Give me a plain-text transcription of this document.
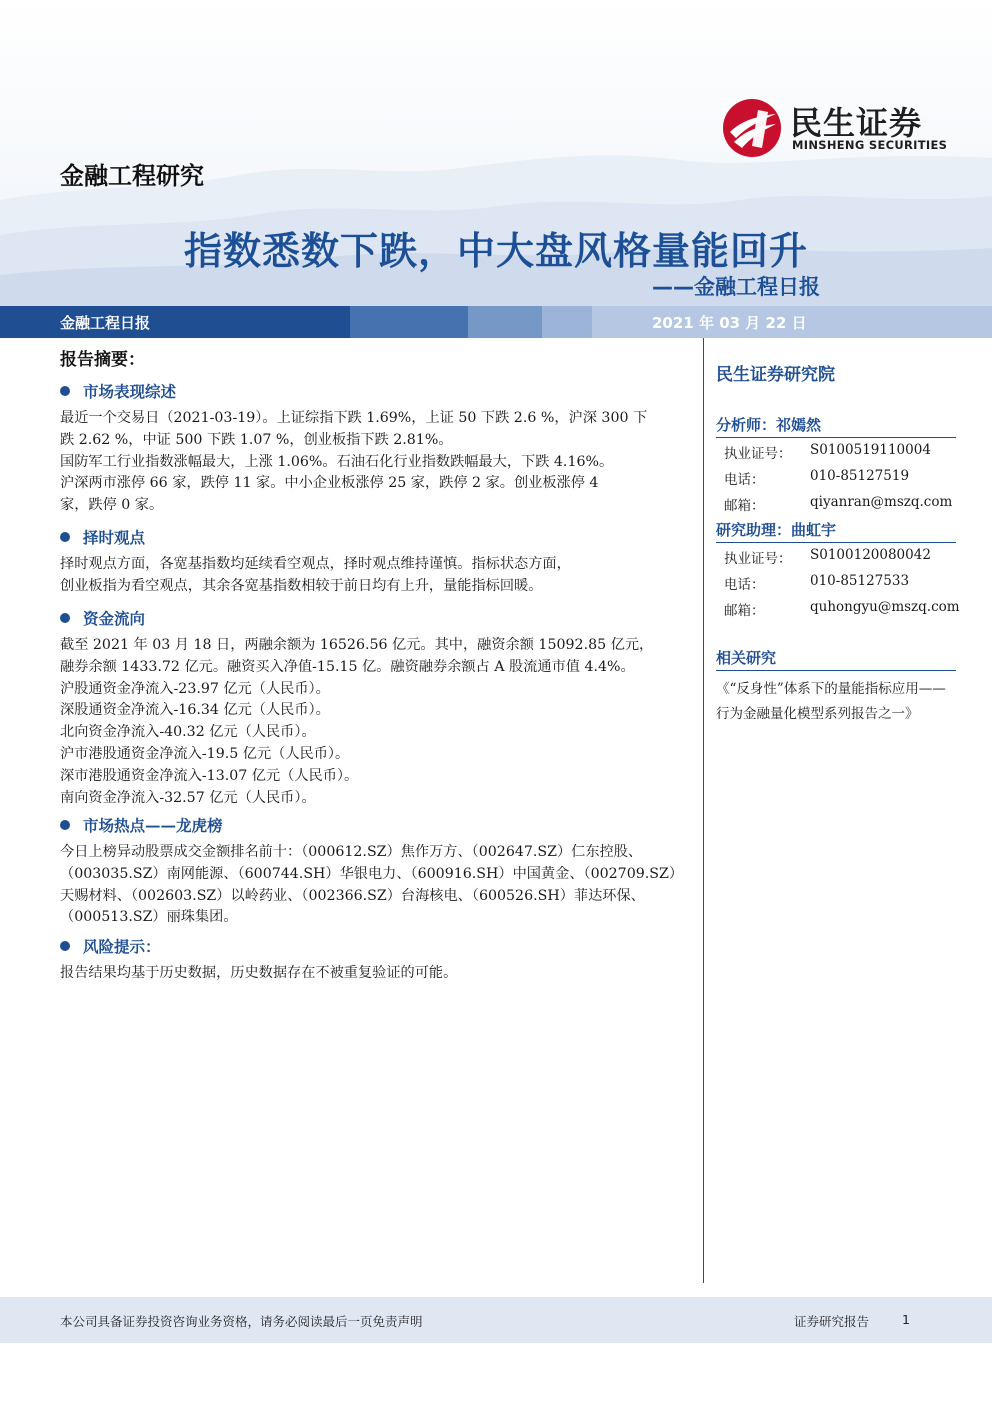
民生证券
MINSHENG SECURITIES
金融工程研究
指数悉数下跌，中大盘风格量能回升
——金融工程日报
金融工程日报	2021 年 03 月 22 日
报告摘要：
市场表现综述

最近一个交易日（2021-03-19）。上证综指下跌 1.69%，上证 50 下跌 2.6 %，沪深 300 下

跌 2.62 %，中证 500 下跌 1.07 %，创业板指下跌 2.81%。

国防军工行业指数涨幅最大，上涨 1.06%。石油石化行业指数跌幅最大，下跌 4.16%。

沪深两市涨停 66 家，跌停 11 家。中小企业板涨停 25 家，跌停 2 家。创业板涨停 4

家，跌停 0 家。

择时观点

择时观点方面，各宽基指数均延续看空观点，择时观点维持谨慎。指标状态方面，

创业板指为看空观点，其余各宽基指数相较于前日均有上升，量能指标回暖。

资金流向

截至 2021 年 03 月 18 日，两融余额为 16526.56 亿元。其中，融资余额 15092.85 亿元，

融券余额 1433.72 亿元。融资买入净值-15.15 亿。融资融券余额占 A 股流通市值 4.4%。

沪股通资金净流入-23.97 亿元（人民币）。

深股通资金净流入-16.34 亿元（人民币）。

北向资金净流入-40.32 亿元（人民币）。

沪市港股通资金净流入-19.5 亿元（人民币）。

深市港股通资金净流入-13.07 亿元（人民币）。

南向资金净流入-32.57 亿元（人民币）。

市场热点——龙虎榜

今日上榜异动股票成交金额排名前十：（000612.SZ）焦作万方、（002647.SZ）仁东控股、

（003035.SZ）南网能源、（600744.SH）华银电力、（600916.SH）中国黄金、（002709.SZ）

天赐材料、（002603.SZ）以岭药业、（002366.SZ）台海核电、（600526.SH）菲达环保、

（000513.SZ）丽珠集团。

风险提示：

报告结果均基于历史数据，历史数据存在不被重复验证的可能。

民生证券研究院
分析师：祁嫣然
执业证号： S0100519110004
电话：	010-85127519
邮箱：	qiyanran@mszq.com
研究助理：曲虹宇
执业证号： S0100120080042
电话：	010-85127533
邮箱：	quhongyu@mszq.com
相关研究
《“反身性”体系下的量能指标应用——
行为金融量化模型系列报告之一》
本公司具备证券投资咨询业务资格，请务必阅读最后一页免责声明	证券研究报告	1
